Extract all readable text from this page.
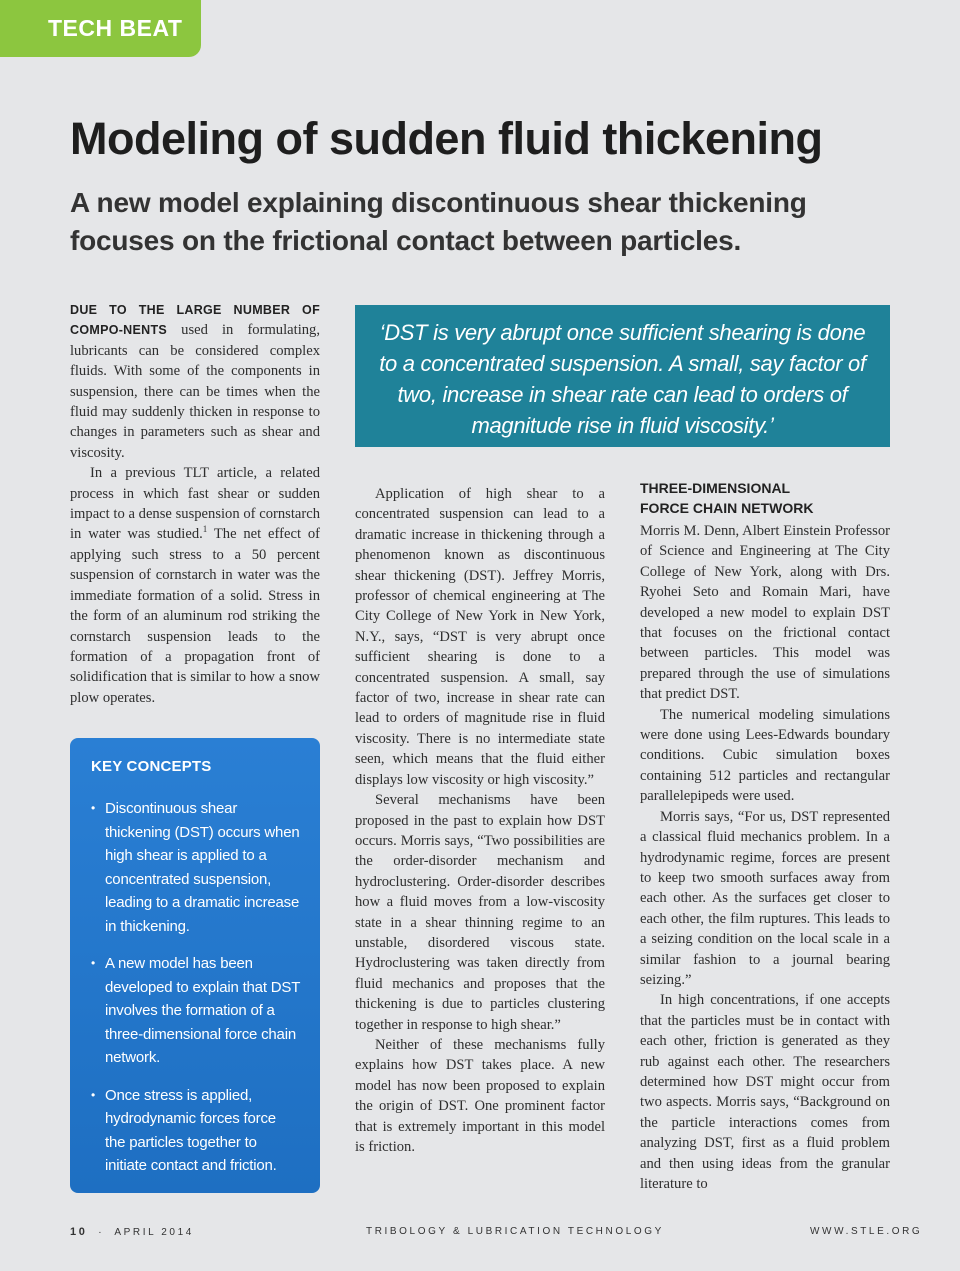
TECH BEAT
Modeling of sudden fluid thickening
A new model explaining discontinuous shear thickening focuses on the frictional contact between particles.

DUE TO THE LARGE NUMBER OF COMPO-NENTS used in formulating, lubricants can be considered complex fluids. With some of the components in suspension, there can be times when the fluid may suddenly thicken in response to changes in parameters such as shear and viscosity.

In a previous TLT article, a related process in which fast shear or sudden impact to a dense suspension of cornstarch in water was studied.$^1$ The net effect of applying such stress to a 50 percent suspension of cornstarch in water was the immediate formation of a solid. Stress in the form of an aluminum rod striking the cornstarch suspension leads to the formation of a propagation front of solidification that is similar to how a snow plow operates.

‘DST is very abrupt once sufficient shearing is done to a concentrated suspension. A small, say factor of two, increase in shear rate can lead to orders of magnitude rise in fluid viscosity.’
KEY CONCEPTS
• Discontinuous shear thickening (DST) occurs when high shear is applied to a concentrated suspension, leading to a dramatic increase in thickening.
• A new model has been developed to explain that DST involves the formation of a three-dimensional force chain network.
• Once stress is applied, hydrodynamic forces force the particles together to initiate contact and friction.

Application of high shear to a concentrated suspension can lead to a dramatic increase in thickening through a phenomenon known as discontinuous shear thickening (DST). Jeffrey Morris, professor of chemical engineering at The City College of New York in New York, N.Y., says, “DST is very abrupt once sufficient shearing is done to a concentrated suspension. A small, say factor of two, increase in shear rate can lead to orders of magnitude rise in fluid viscosity. There is no intermediate state seen, which means that the fluid either displays low viscosity or high viscosity.”

Several mechanisms have been proposed in the past to explain how DST occurs. Morris says, “Two possibilities are the order-disorder mechanism and hydroclustering. Order-disorder describes how a fluid moves from a low-viscosity state in a shear thinning regime to an unstable, disordered viscous state. Hydroclustering was taken directly from fluid mechanics and proposes that the thickening is due to particles clustering together in response to high shear.”

Neither of these mechanisms fully explains how DST takes place. A new model has now been proposed to explain the origin of DST. One prominent factor that is extremely important in this model is friction.

THREE-DIMENSIONAL
FORCE CHAIN NETWORK

Morris M. Denn, Albert Einstein Professor of Science and Engineering at The City College of New York, along with Drs. Ryohei Seto and Romain Mari, have developed a new model to explain DST that focuses on the frictional contact between particles. This model was prepared through the use of simulations that predict DST.

The numerical modeling simulations were done using Lees-Edwards boundary conditions. Cubic simulation boxes containing 512 particles and rectangular parallelepipeds were used.

Morris says, “For us, DST represented a classical fluid mechanics problem. In a hydrodynamic regime, forces are present to keep two smooth surfaces away from each other. As the surfaces get closer to each other, the film ruptures. This leads to a seizing condition on the local scale in a similar fashion to a journal bearing seizing.”

In high concentrations, if one accepts that the particles must be in contact with each other, friction is generated as they rub against each other. The researchers determined how DST might occur from two aspects. Morris says, “Background on the particle interactions comes from analyzing DST, first as a fluid problem and then using ideas from the granular literature to

10 · APRIL 2014	TRIBOLOGY & LUBRICATION TECHNOLOGY	WWW.STLE.ORG
